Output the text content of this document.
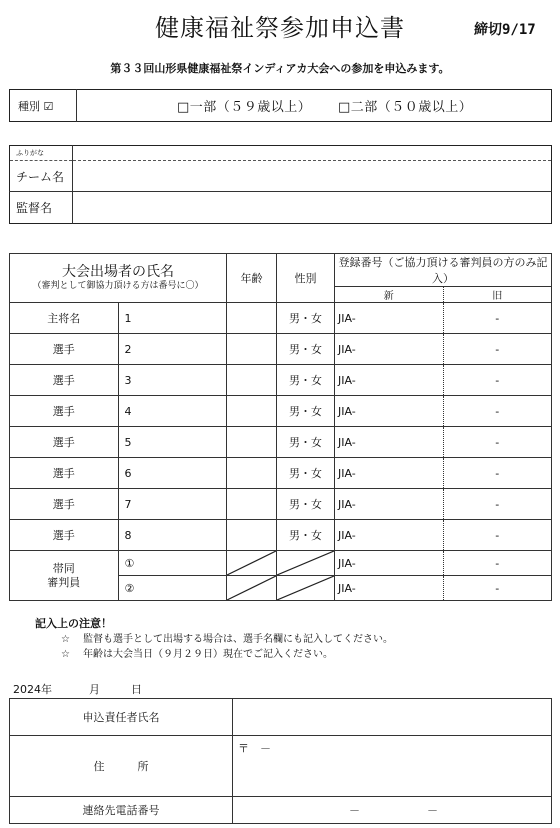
健康福祉祭参加申込書	締切9/17
第３３回山形県健康福祉祭インディアカ大会への参加を申込みます。
種別 ☑	□一部（５９歳以上） □二部（５０歳以上）
ふりがな	
チーム名	
監督名	
大会出場者の氏名
（審判として御協力頂ける方は番号に〇）		年齢	性別	登録番号（ご協力頂ける審判員の方のみ記入）	
				新	旧
主将名	1		男・女	JIA-	-
選手	2		男・女	JIA-	-
選手	3		男・女	JIA-	-
選手	4		男・女	JIA-	-
選手	5		男・女	JIA-	-
選手	6		男・女	JIA-	-
選手	7		男・女	JIA-	-
選手	8		男・女	JIA-	-

帯同
審判員	①			JIA-	-
	②			JIA-	-
記入上の注意！
☆ 監督も選手として出場する場合は、選手名欄にも記入してください。
☆ 年齢は大会当日（９月２９日）現在でご記入ください。
2024年	月	日
申込責任者氏名	
住　　　所	〒　－
連絡先電話番号	－ －
